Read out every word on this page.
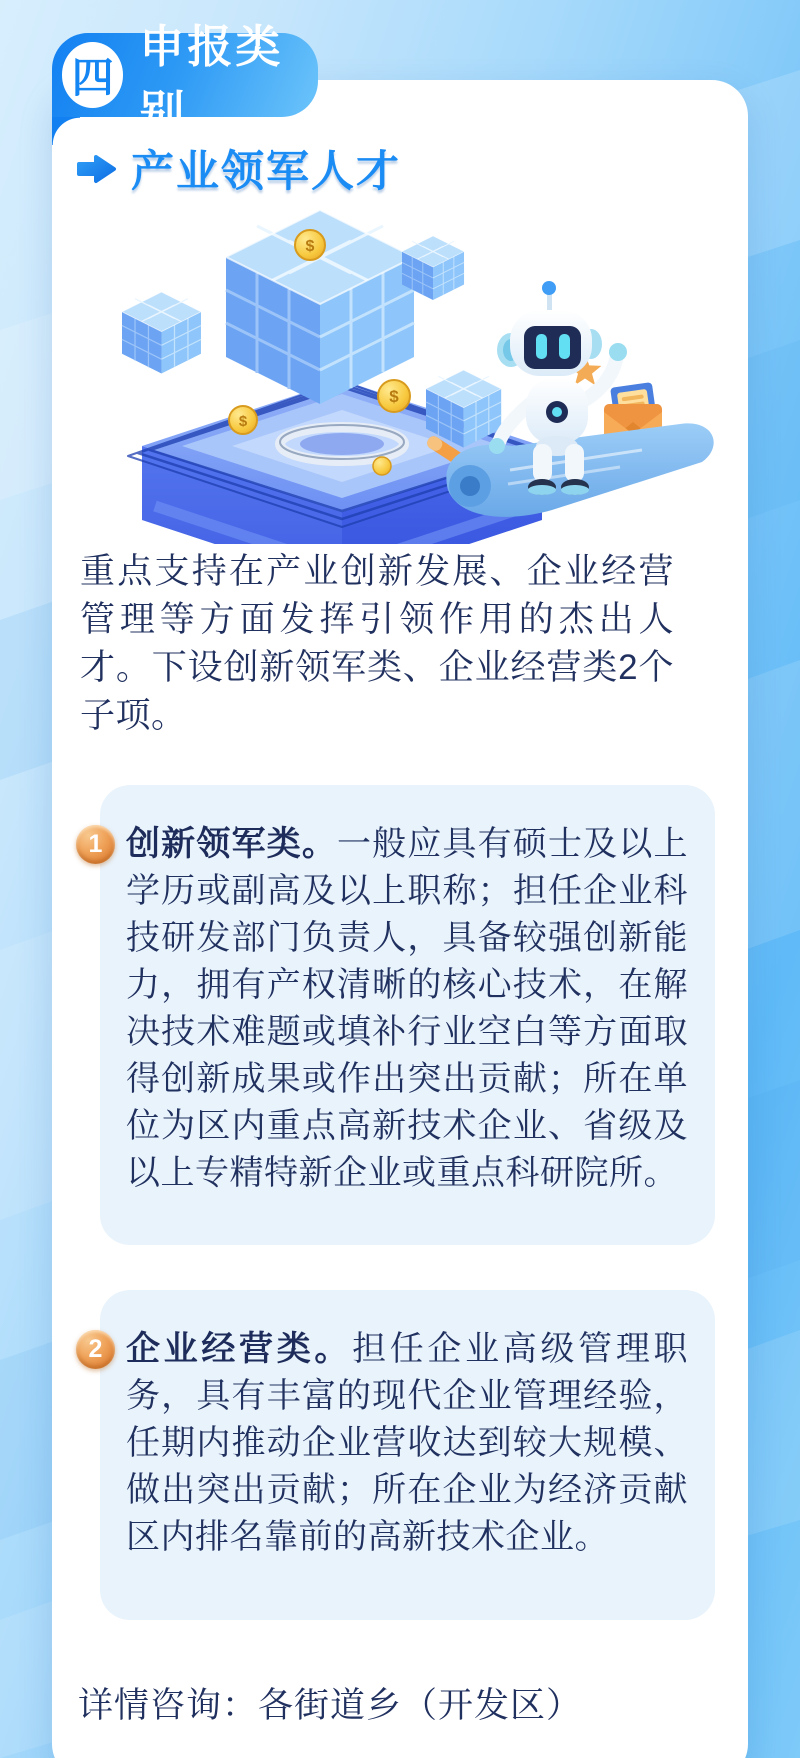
四
申报类别
产业领军人才
$
$
$

重点支持在产业创新发展、企业经营管理等方面发挥引领作用的杰出人才。下设创新领军类、企业经营类2个子项。

1 创新领军类。一般应具有硕士及以上学历或副高及以上职称；担任企业科技研发部门负责人，具备较强创新能力，拥有产权清晰的核心技术，在解决技术难题或填补行业空白等方面取得创新成果或作出突出贡献；所在单位为区内重点高新技术企业、省级及以上专精特新企业或重点科研院所。

2 企业经营类。担任企业高级管理职务，具有丰富的现代企业管理经验，任期内推动企业营收达到较大规模、做出突出贡献；所在企业为经济贡献区内排名靠前的高新技术企业。

详情咨询：各街道乡（开发区）
